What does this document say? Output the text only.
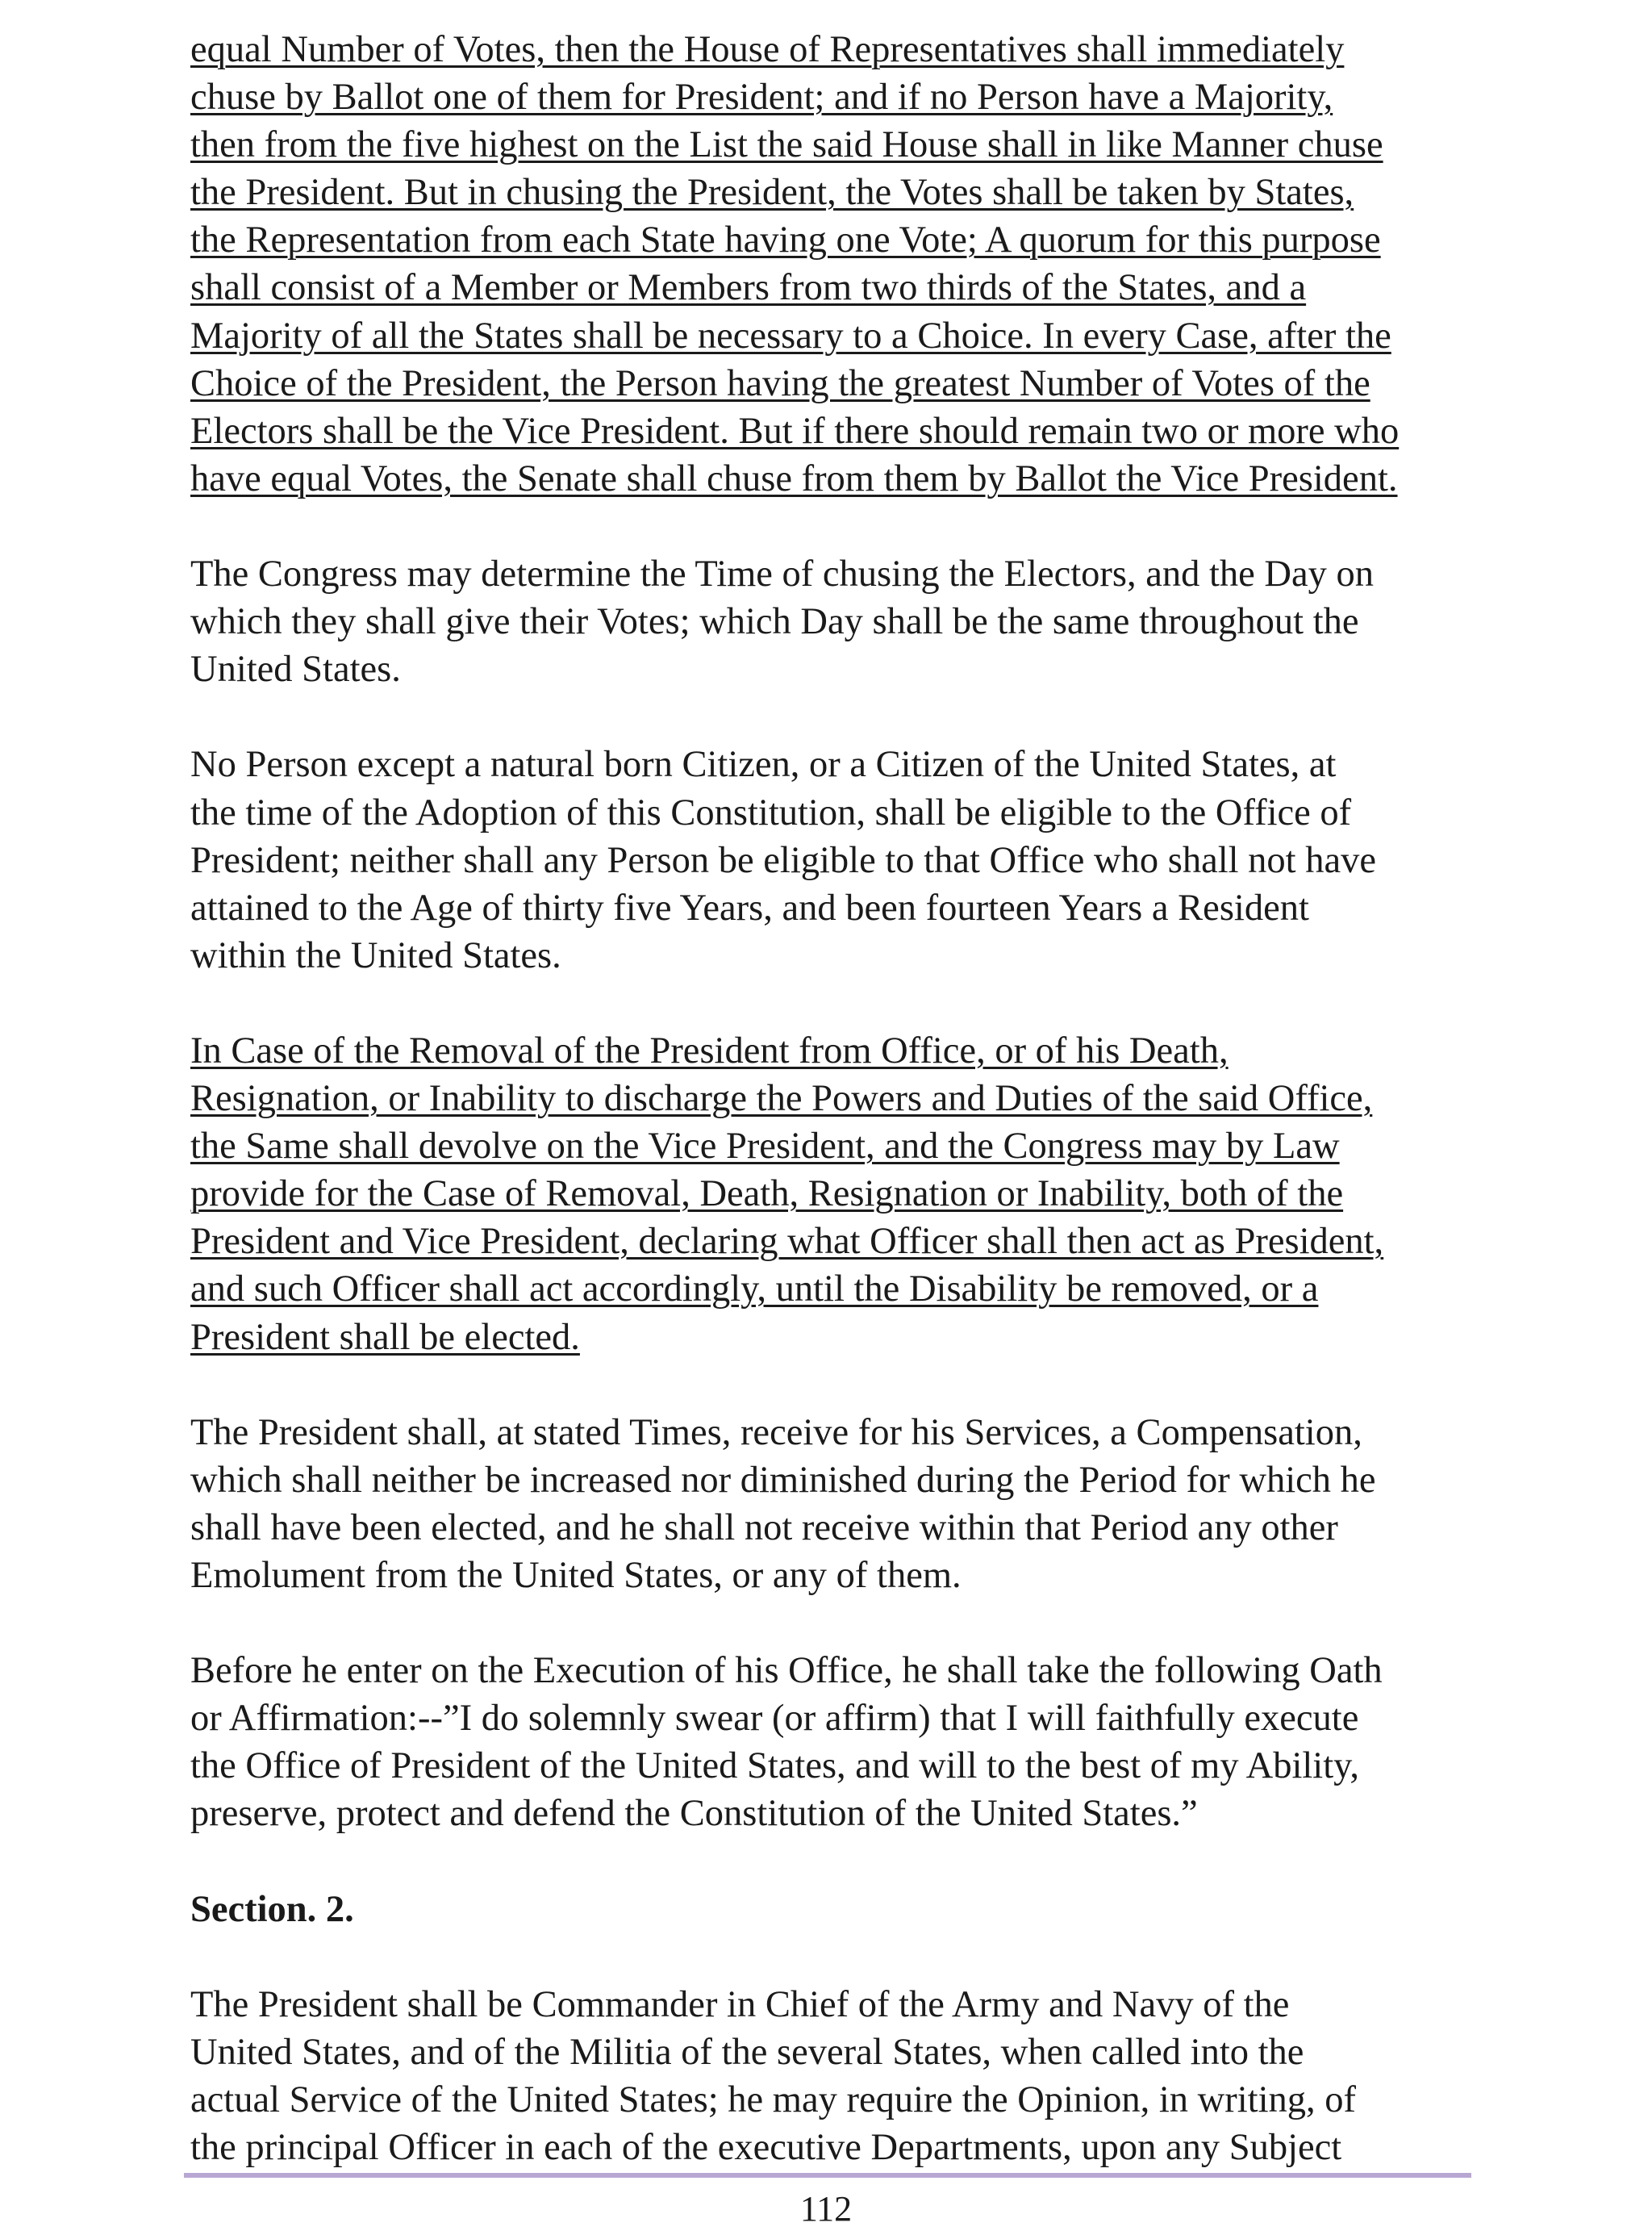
equal Number of Votes, then the House of Representatives shall immediately
chuse by Ballot one of them for President; and if no Person have a Majority,
then from the five highest on the List the said House shall in like Manner chuse
the President. But in chusing the President, the Votes shall be taken by States,
the Representation from each State having one Vote; A quorum for this purpose
shall consist of a Member or Members from two thirds of the States, and a
Majority of all the States shall be necessary to a Choice. In every Case, after the
Choice of the President, the Person having the greatest Number of Votes of the
Electors shall be the Vice President. But if there should remain two or more who
have equal Votes, the Senate shall chuse from them by Ballot the Vice President.

The Congress may determine the Time of chusing the Electors, and the Day on
which they shall give their Votes; which Day shall be the same throughout the
United States.

No Person except a natural born Citizen, or a Citizen of the United States, at
the time of the Adoption of this Constitution, shall be eligible to the Office of
President; neither shall any Person be eligible to that Office who shall not have
attained to the Age of thirty five Years, and been fourteen Years a Resident
within the United States.

In Case of the Removal of the President from Office, or of his Death,
Resignation, or Inability to discharge the Powers and Duties of the said Office,
the Same shall devolve on the Vice President, and the Congress may by Law
provide for the Case of Removal, Death, Resignation or Inability, both of the
President and Vice President, declaring what Officer shall then act as President,
and such Officer shall act accordingly, until the Disability be removed, or a
President shall be elected.

The President shall, at stated Times, receive for his Services, a Compensation,
which shall neither be increased nor diminished during the Period for which he
shall have been elected, and he shall not receive within that Period any other
Emolument from the United States, or any of them.

Before he enter on the Execution of his Office, he shall take the following Oath
or Affirmation:--”I do solemnly swear (or affirm) that I will faithfully execute
the Office of President of the United States, and will to the best of my Ability,
preserve, protect and defend the Constitution of the United States.”

Section. 2.

The President shall be Commander in Chief of the Army and Navy of the
United States, and of the Militia of the several States, when called into the
actual Service of the United States; he may require the Opinion, in writing, of
the principal Officer in each of the executive Departments, upon any Subject

112
